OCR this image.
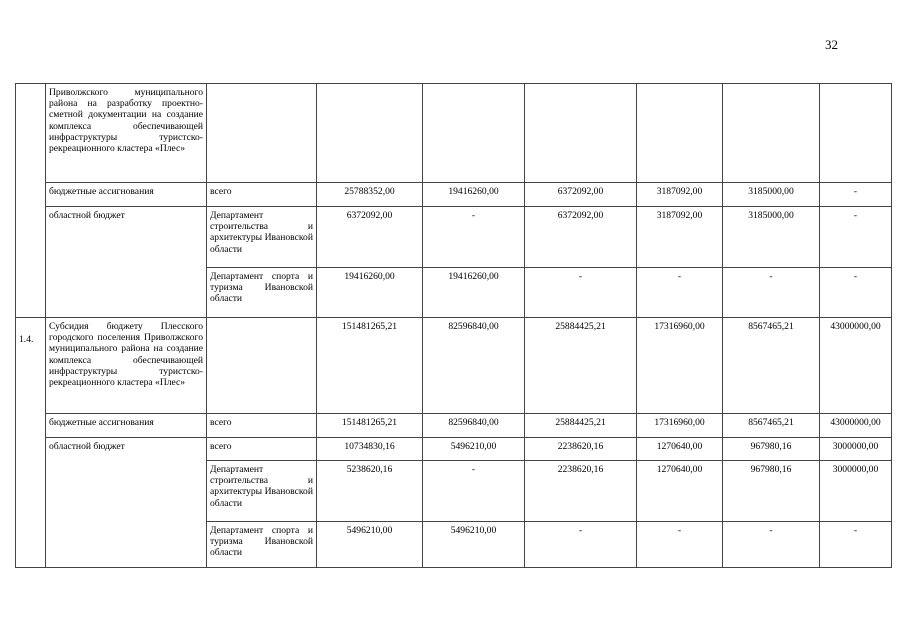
32
	Приволжского муниципального района на разработку проектно-сметной документации на создание комплекса обеспечивающей инфраструктуры туристско-рекреационного кластера «Плес»							
	бюджетные ассигнования	всего	25788352,00	19416260,00	6372092,00	3187092,00	3185000,00	-
	областной бюджет	Департамент строительства и архитектуры Ивановской области	6372092,00	-	6372092,00	3187092,00	3185000,00	-
		Департамент спорта и туризма Ивановской области	19416260,00	19416260,00	-	-	-	-
1.4.	Субсидия бюджету Плесского городского поселения Приволжского муниципального района на создание комплекса обеспечивающей инфраструктуры туристско-рекреационного кластера «Плес»		151481265,21	82596840,00	25884425,21	17316960,00	8567465,21	43000000,00
	бюджетные ассигнования	всего	151481265,21	82596840,00	25884425,21	17316960,00	8567465,21	43000000,00
	областной бюджет	всего	10734830,16	5496210,00	2238620,16	1270640,00	967980,16	3000000,00
		Департамент строительства и архитектуры Ивановской области	5238620,16	-	2238620,16	1270640,00	967980,16	3000000,00
		Департамент спорта и туризма Ивановской области	5496210,00	5496210,00	-	-	-	-
